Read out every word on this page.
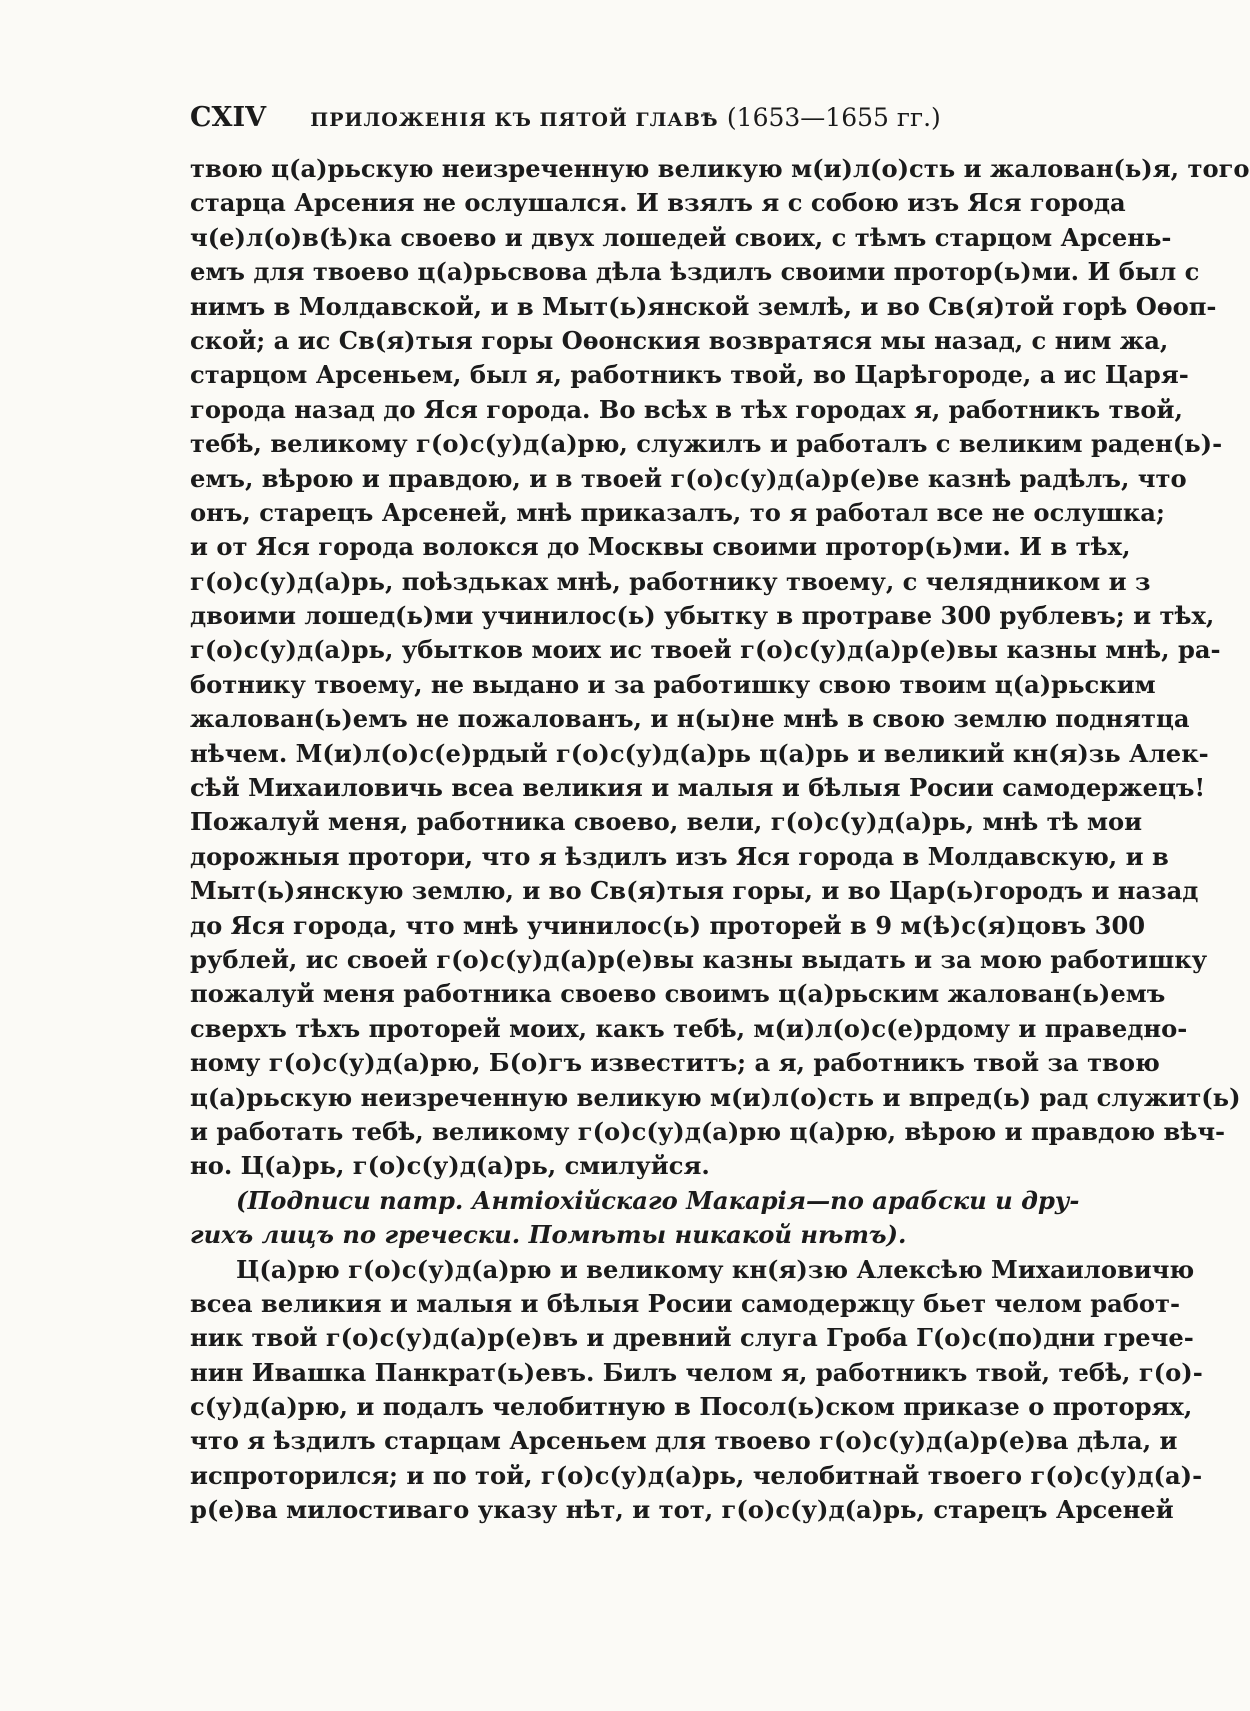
CXIV ПРИЛОЖЕНІЯ КЪ ПЯТОЙ ГЛАВѢ (1653—1655 гг.)
твою ц(а)рьскую неизреченную великую м(и)л(о)сть и жалован(ь)я, того
старца Арсения не ослушался. И взялъ я с собою изъ Яся города
ч(е)л(о)в(ѣ)ка своево и двух лошедей своих, с тѣмъ старцом Арсень-
емъ для твоево ц(а)рьсвова дѣла ѣздилъ своими протор(ь)ми. И был с
нимъ в Молдавской, и в Мыт(ь)янской землѣ, и во Св(я)той горѣ Оѳоп-
ской; а ис Св(я)тыя горы Оѳонския возвратяся мы назад, с ним жа,
старцом Арсеньем, был я, работникъ твой, во Царѣгороде, а ис Царя-
города назад до Яся города. Во всѣх в тѣх городах я, работникъ твой,
тебѣ, великому г(о)с(у)д(а)рю, служилъ и работалъ с великим раден(ь)-
емъ, вѣрою и правдою, и в твоей г(о)с(у)д(а)р(е)ве казнѣ радѣлъ, что
онъ, старецъ Арсеней, мнѣ приказалъ, то я работал все не ослушка;
и от Яся города волокся до Москвы своими протор(ь)ми. И в тѣх,
г(о)с(у)д(а)рь, поѣздьках мнѣ, работнику твоему, с челядником и з
двоими лошед(ь)ми учинилос(ь) убытку в протраве 300 рублевъ; и тѣх,
г(о)с(у)д(а)рь, убытков моих ис твоей г(о)с(у)д(а)р(е)вы казны мнѣ, ра-
ботнику твоему, не выдано и за работишку свою твоим ц(а)рьским
жалован(ь)емъ не пожалованъ, и н(ы)не мнѣ в свою землю поднятца
нѣчем. М(и)л(о)с(е)рдый г(о)с(у)д(а)рь ц(а)рь и великий кн(я)зь Алек-
сѣй Михаиловичь всеа великия и малыя и бѣлыя Росии самодержецъ!
Пожалуй меня, работника своево, вели, г(о)с(у)д(а)рь, мнѣ тѣ мои
дорожныя протори, что я ѣздилъ изъ Яся города в Молдавскую, и в
Мыт(ь)янскую землю, и во Св(я)тыя горы, и во Цар(ь)городъ и назад
до Яся города, что мнѣ учинилос(ь) проторей в 9 м(ѣ)с(я)цовъ 300
рублей, ис своей г(о)с(у)д(а)р(е)вы казны выдать и за мою работишку
пожалуй меня работника своево своимъ ц(а)рьским жалован(ь)емъ
сверхъ тѣхъ проторей моих, какъ тебѣ, м(и)л(о)с(е)рдому и праведно-
ному г(о)с(у)д(а)рю, Б(о)гъ известитъ; а я, работникъ твой за твою
ц(а)рьскую неизреченную великую м(и)л(о)сть и впред(ь) рад служит(ь)
и работать тебѣ, великому г(о)с(у)д(а)рю ц(а)рю, вѣрою и правдою вѣч-
но. Ц(а)рь, г(о)с(у)д(а)рь, смилуйся.
(Подписи патр. Антіохійскаго Макарія—по арабски и дру-
гихъ лицъ по гречески. Помѣты никакой нѣтъ).
Ц(а)рю г(о)с(у)д(а)рю и великому кн(я)зю Алексѣю Михаиловичю
всеа великия и малыя и бѣлыя Росии самодержцу бьет челом работ-
ник твой г(о)с(у)д(а)р(е)въ и древний слуга Гроба Г(о)с(по)дни грече-
нин Ивашка Панкрат(ь)евъ. Билъ челом я, работникъ твой, тебѣ, г(о)-
с(у)д(а)рю, и подалъ челобитную в Посол(ь)ском приказе о проторях,
что я ѣздилъ старцам Арсеньем для твоево г(о)с(у)д(а)р(е)ва дѣла, и
испроторился; и по той, г(о)с(у)д(а)рь, челобитнай твоего г(о)с(у)д(а)-
р(е)ва милостиваго указу нѣт, и тот, г(о)с(у)д(а)рь, старецъ Арсеней
